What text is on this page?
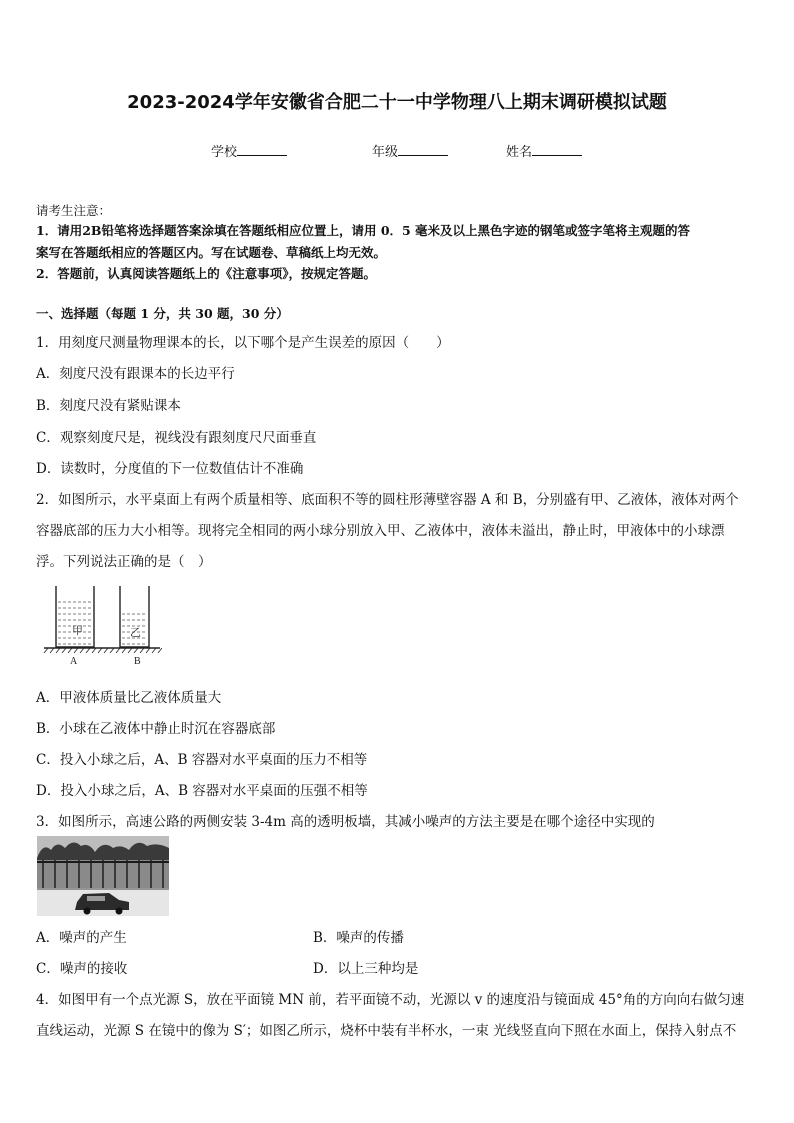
2023-2024学年安徽省合肥二十一中学物理八上期末调研模拟试题
学校	年级	姓名
请考生注意：
1．请用2B铅笔将选择题答案涂填在答题纸相应位置上，请用 0．5 毫米及以上黑色字迹的钢笔或签字笔将主观题的答
案写在答题纸相应的答题区内。写在试题卷、草稿纸上均无效。
2．答题前，认真阅读答题纸上的《注意事项》，按规定答题。
一、选择题（每题 1 分，共 30 题，30 分）
1．用刻度尺测量物理课本的长，以下哪个是产生误差的原因（　　）
A．刻度尺没有跟课本的长边平行
B．刻度尺没有紧贴课本
C．观察刻度尺是，视线没有跟刻度尺尺面垂直
D．读数时，分度值的下一位数值估计不准确
2．如图所示，水平桌面上有两个质量相等、底面积不等的圆柱形薄壁容器 A 和 B，分别盛有甲、乙液体，液体对两个
容器底部的压力大小相等。现将完全相同的两小球分别放入甲、乙液体中，液体未溢出，静止时，甲液体中的小球漂
浮。下列说法正确的是（　）
甲	乙
A	B
A．甲液体质量比乙液体质量大
B．小球在乙液体中静止时沉在容器底部
C．投入小球之后，A、B 容器对水平桌面的压力不相等
D．投入小球之后，A、B 容器对水平桌面的压强不相等
3．如图所示，高速公路的两侧安装 3-4m 高的透明板墙，其减小噪声的方法主要是在哪个途径中实现的
A．噪声的产生	B．噪声的传播
C．噪声的接收	D．以上三种均是
4．如图甲有一个点光源 S，放在平面镜 MN 前，若平面镜不动，光源以 v 的速度沿与镜面成 45°角的方向向右做匀速
直线运动，光源 S 在镜中的像为 S′；如图乙所示，烧杯中装有半杯水，一束 光线竖直向下照在水面上，保持入射点不
